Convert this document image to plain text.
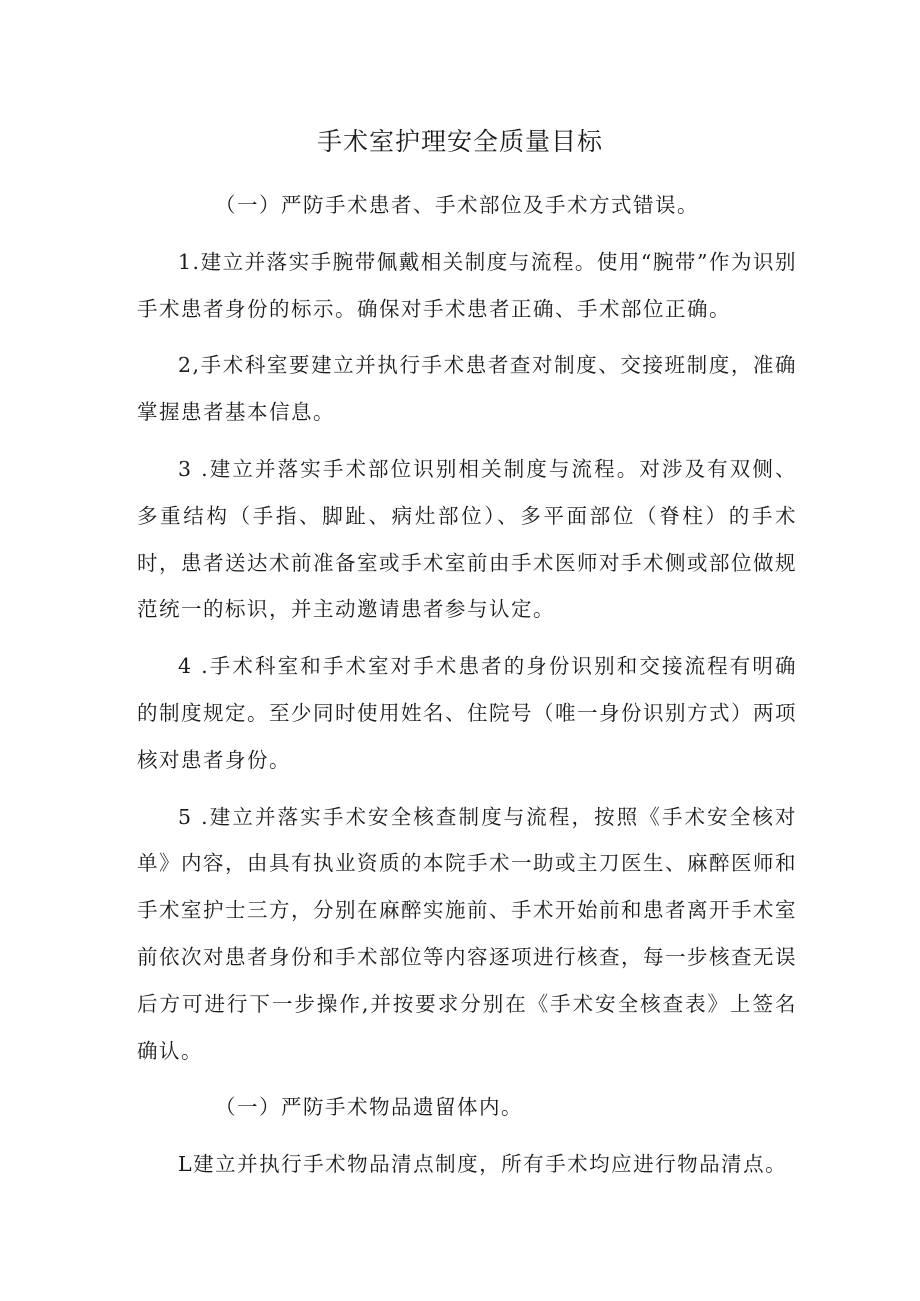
手术室护理安全质量目标

（一）严防手术患者、手术部位及手术方式错误。

1.建立并落实手腕带佩戴相关制度与流程。使用“腕带”作为识别手术患者身份的标示。确保对手术患者正确、手术部位正确。

2,手术科室要建立并执行手术患者查对制度、交接班制度，准确掌握患者基本信息。

3 .建立并落实手术部位识别相关制度与流程。对涉及有双侧、多重结构（手指、脚趾、病灶部位）、多平面部位（脊柱）的手术时，患者送达术前准备室或手术室前由手术医师对手术侧或部位做规范统一的标识，并主动邀请患者参与认定。

4 .手术科室和手术室对手术患者的身份识别和交接流程有明确的制度规定。至少同时使用姓名、住院号（唯一身份识别方式）两项核对患者身份。

5 .建立并落实手术安全核查制度与流程，按照《手术安全核对单》内容，由具有执业资质的本院手术一助或主刀医生、麻醉医师和手术室护士三方，分别在麻醉实施前、手术开始前和患者离开手术室前依次对患者身份和手术部位等内容逐项进行核查，每一步核查无误后方可进行下一步操作,并按要求分别在《手术安全核查表》上签名确认。

（一）严防手术物品遗留体内。

L建立并执行手术物品清点制度，所有手术均应进行物品清点。
